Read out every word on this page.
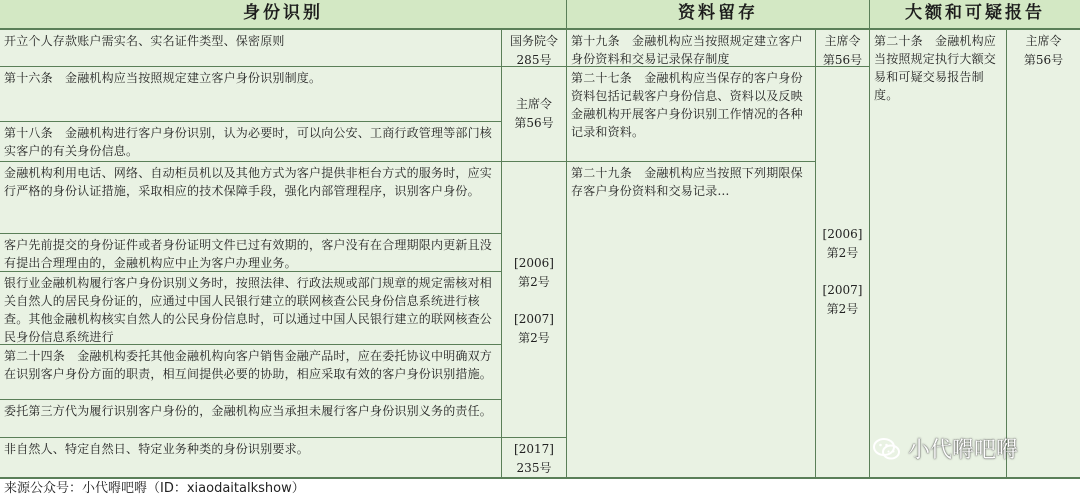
身份识别	资料留存	大额和可疑报告
开立个人存款账户需实名、实名证件类型、保密原则
第十六条　金融机构应当按照规定建立客户身份识别制度。
第十八条　金融机构进行客户身份识别，认为必要时，可以向公安、工商行政管理等部门核实客户的有关身份信息。
金融机构利用电话、网络、自动柜员机以及其他方式为客户提供非柜台方式的服务时，应实行严格的身份认证措施，采取相应的技术保障手段，强化内部管理程序，识别客户身份。
客户先前提交的身份证件或者身份证明文件已过有效期的，客户没有在合理期限内更新且没有提出合理理由的，金融机构应中止为客户办理业务。
银行业金融机构履行客户身份识别义务时，按照法律、行政法规或部门规章的规定需核对相关自然人的居民身份证的，应通过中国人民银行建立的联网核查公民身份信息系统进行核查。其他金融机构核实自然人的公民身份信息时，可以通过中国人民银行建立的联网核查公民身份信息系统进行
第二十四条　金融机构委托其他金融机构向客户销售金融产品时，应在委托协议中明确双方在识别客户身份方面的职责，相互间提供必要的协助，相应采取有效的客户身份识别措施。
委托第三方代为履行识别客户身份的，金融机构应当承担未履行客户身份识别义务的责任。
非自然人、特定自然日、特定业务种类的身份识别要求。
国务院令
285号
主席令
第56号
[2006]
第2号
[2007]
第2号
[2017]
235号
第十九条　金融机构应当按照规定建立客户身份资料和交易记录保存制度
第二十七条　金融机构应当保存的客户身份资料包括记载客户身份信息、资料以及反映金融机构开展客户身份识别工作情况的各种记录和资料。
第二十九条　金融机构应当按照下列期限保存客户身份资料和交易记录…
主席令
第56号
[2006]
第2号
[2007]
第2号
第二十条　金融机构应当按照规定执行大额交易和可疑交易报告制度。
主席令
第56号
小代嘚吧嘚
来源公众号：小代嘚吧嘚（ID：xiaodaitalkshow）
